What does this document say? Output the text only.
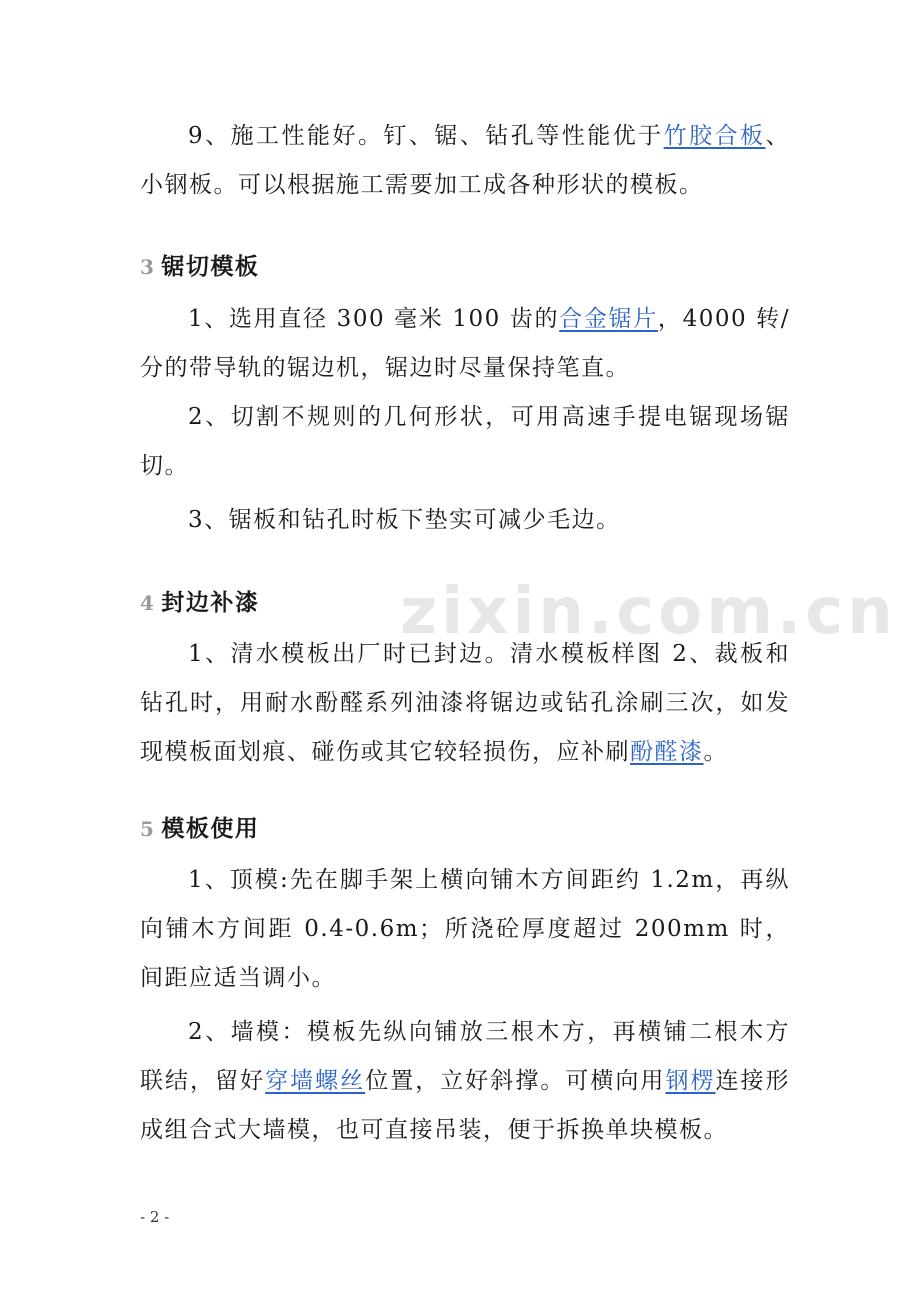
9、施工性能好。钉、锯、钻孔等性能优于竹胶合板、小钢板。可以根据施工需要加工成各种形状的模板。

3 锯切模板

1、选用直径 300 毫米 100 齿的合金锯片，4000 转/分的带导轨的锯边机，锯边时尽量保持笔直。

2、切割不规则的几何形状，可用高速手提电锯现场锯切。

3、锯板和钻孔时板下垫实可减少毛边。

4 封边补漆

1、清水模板出厂时已封边。清水模板样图 2、裁板和钻孔时，用耐水酚醛系列油漆将锯边或钻孔涂刷三次，如发现模板面划痕、碰伤或其它较轻损伤，应补刷酚醛漆。

5 模板使用

1、顶模:先在脚手架上横向铺木方间距约 1.2m，再纵向铺木方间距 0.4-0.6m；所浇砼厚度超过 200mm 时，间距应适当调小。

2、墙模：模板先纵向铺放三根木方，再横铺二根木方联结，留好穿墙螺丝位置，立好斜撑。可横向用钢楞连接形成组合式大墙模，也可直接吊装，便于拆换单块模板。

zixin.com.cn
- 2 -
